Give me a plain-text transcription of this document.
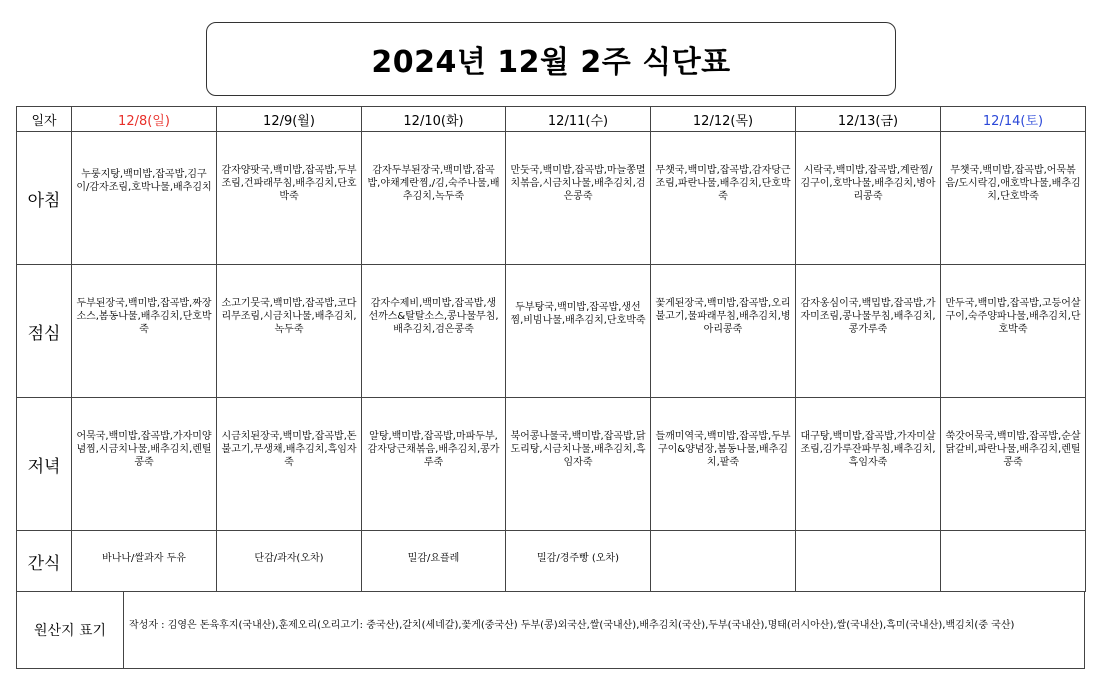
2024년 12월 2주 식단표
일자	12/8(일)	12/9(월)	12/10(화)	12/11(수)	12/12(목)	12/13(금)	12/14(토)
아침	누룽지탕,백미밥,잡곡밥,김구이/감자조림,호박나물,배추김치	감자양팟국,백미밥,잡곡밥,두부조림,건파래무침,배추김치,단호박죽	감자두부된장국,백미밥,잡곡밥,야채계란찜,/김,숙주나물,배추김치,녹두죽	만둣국,백미밥,잡곡밥,마늘쫑멸치볶음,시금치나물,배추김치,검은콩죽	무챗국,백미밥,잡곡밥,감자당근조림,파란나물,배추김치,단호박죽	시락국,백미밥,잡곡밥,계란찜/김구이,호박나물,배추김치,병아리콩죽	무챗국,백미밥,잡곡밥,어묵볶음/도시락김,애호박나물,배추김치,단호박죽

점심	두부된장국,백미밥,잡곡밥,짜장소스,봄동나물,배추김치,단호박죽	소고기뭇국,백미밥,잡곡밥,코다리무조림,시금치나물,배추김치,녹두죽	감자수제비,백미밥,잡곡밥,생선까스&탈탈소스,콩나물무침,배추김치,검은콩죽	두부탕국,백미밥,잡곡밥,생선찜,비빔나물,배추김치,단호박죽	꽃게된장국,백미밥,잡곡밥,오리불고기,물파래무침,배추김치,병아리콩죽	감자옹심이국,백밉밥,잡곡밥,가자미조림,콩나물무침,배추김치,콩가루죽	만두국,백미밥,잡곡밥,고등어살구이,숙주양파나물,배추김치,단호박죽

저녁	어묵국,백미밥,잡곡밥,가자미양념찜,시금치나물,배추김치,렌틸콩죽	시금치된장국,백미밥,잡곡밥,돈불고기,무생채,배추김치,흑임자죽	알탕,백미밥,잡곡밥,마파두부,감자당근채볶음,배추김치,콩가루죽	북어콩나물국,백미밥,잡곡밥,닭도리탕,시금치나물,배추김치,흑임자죽	들깨미역국,백미밥,잡곡밥,두부구이&양념장,봄동나물,배추김치,팥죽	대구탕,백미밥,잡곡밥,가자미살조림,김가루잔파무침,배추김치,흑임자죽	쑥갓어묵국,백미밥,잡곡밥,순살닭갈비,파란나물,배추김치,렌틸콩죽

간식	바나나/쌀과자 두유	단감/과자(오차)	밀감/요플레	밀감/경주빵 (오차)			

원산지 표기	작성자 : 김영은 돈육후지(국내산),훈제오리(오리고기: 중국산),갈치(세네갈),꽃게(중국산) 두부(콩)외국산,쌀(국내산),배추김치(국산),두부(국내산),명태(러시아산),쌀(국내산),흑미(국내산),백김치(중 국산)
